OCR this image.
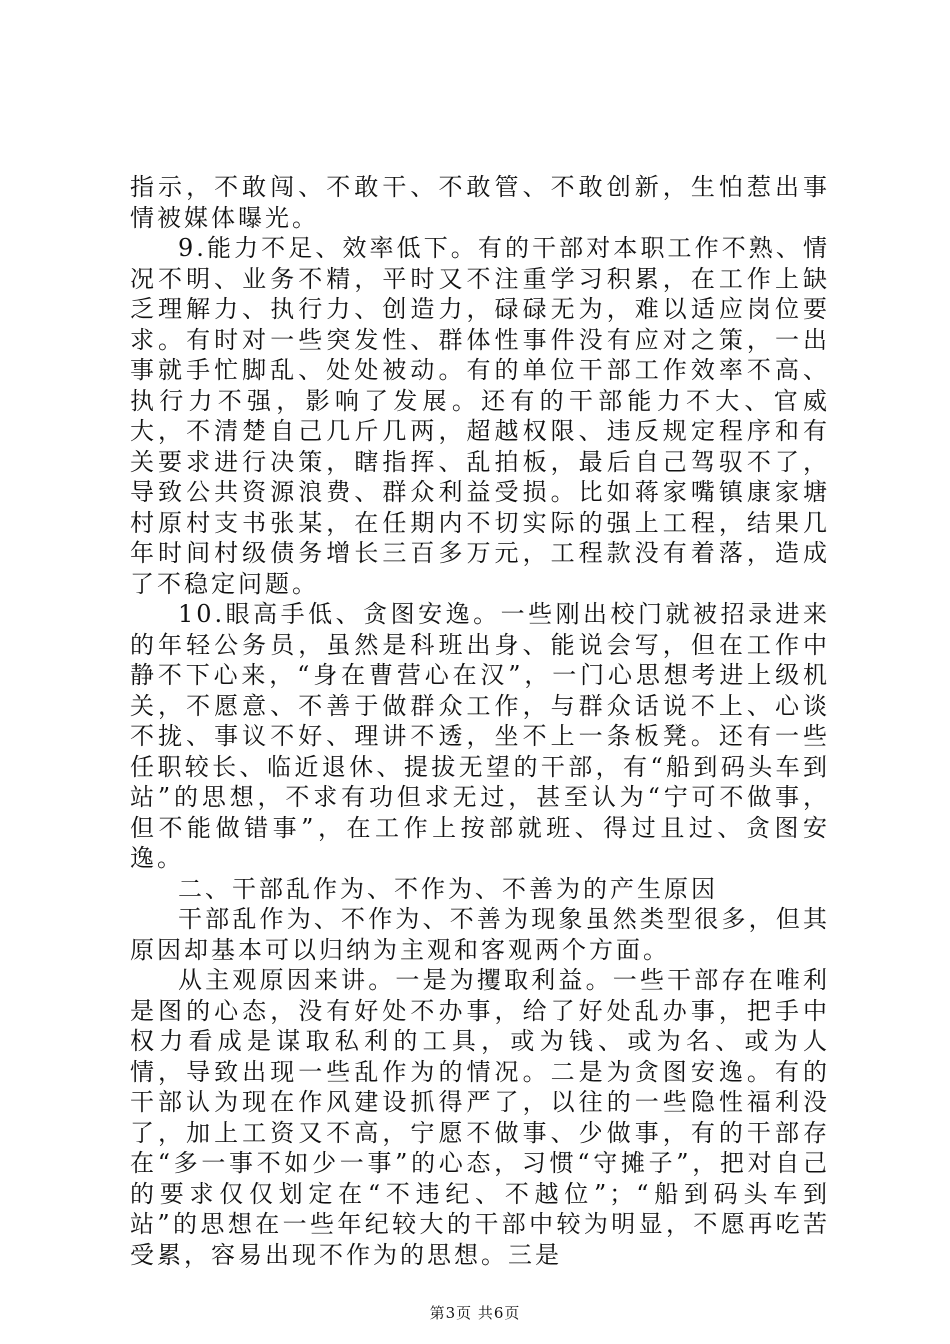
指示，不敢闯、不敢干、不敢管、不敢创新，生怕惹出事情被媒体曝光。

9.能力不足、效率低下。有的干部对本职工作不熟、情况不明、业务不精，平时又不注重学习积累，在工作上缺乏理解力、执行力、创造力，碌碌无为，难以适应岗位要求。有时对一些突发性、群体性事件没有应对之策，一出事就手忙脚乱、处处被动。有的单位干部工作效率不高、执行力不强，影响了发展。还有的干部能力不大、官威大，不清楚自己几斤几两，超越权限、违反规定程序和有关要求进行决策，瞎指挥、乱拍板，最后自己驾驭不了，导致公共资源浪费、群众利益受损。比如蒋家嘴镇康家塘村原村支书张某，在任期内不切实际的强上工程，结果几年时间村级债务增长三百多万元，工程款没有着落，造成了不稳定问题。

10.眼高手低、贪图安逸。一些刚出校门就被招录进来的年轻公务员，虽然是科班出身、能说会写，但在工作中静不下心来，“身在曹营心在汉”，一门心思想考进上级机关，不愿意、不善于做群众工作，与群众话说不上、心谈不拢、事议不好、理讲不透，坐不上一条板凳。还有一些任职较长、临近退休、提拔无望的干部，有“船到码头车到站”的思想，不求有功但求无过，甚至认为“宁可不做事，但不能做错事”，在工作上按部就班、得过且过、贪图安逸。

二、干部乱作为、不作为、不善为的产生原因

干部乱作为、不作为、不善为现象虽然类型很多，但其原因却基本可以归纳为主观和客观两个方面。

从主观原因来讲。一是为攫取利益。一些干部存在唯利是图的心态，没有好处不办事，给了好处乱办事，把手中权力看成是谋取私利的工具，或为钱、或为名、或为人情，导致出现一些乱作为的情况。二是为贪图安逸。有的干部认为现在作风建设抓得严了，以往的一些隐性福利没了，加上工资又不高，宁愿不做事、少做事，有的干部存在“多一事不如少一事”的心态，习惯“守摊子”，把对自己的要求仅仅划定在“不违纪、不越位”；“船到码头车到站”的思想在一些年纪较大的干部中较为明显，不愿再吃苦受累，容易出现不作为的思想。三是

第3页 共6页
